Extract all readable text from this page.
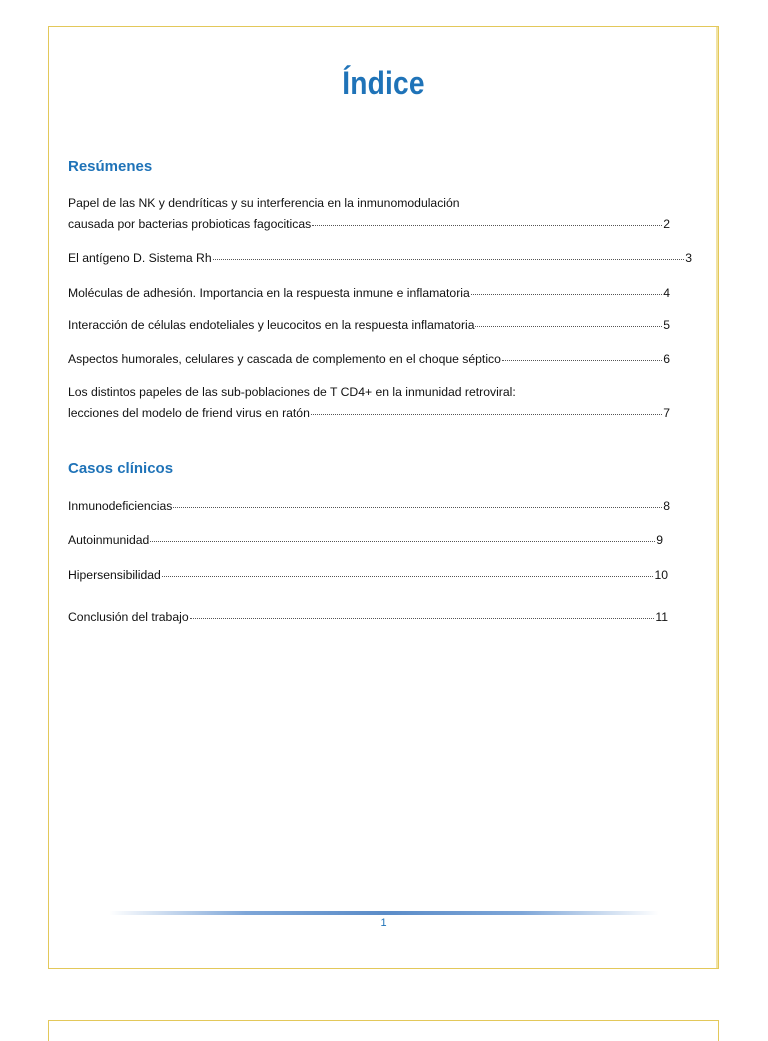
Índice
Resúmenes
Papel de las NK y dendríticas y su interferencia en la inmunomodulación
causada por bacterias probioticas fagociticas	2
El antígeno D. Sistema Rh	3
Moléculas de adhesión. Importancia en la respuesta inmune e inflamatoria	4
Interacción de células endoteliales y leucocitos en la respuesta inflamatoria	5
Aspectos humorales, celulares y cascada de complemento en el choque séptico	6
Los distintos papeles de las sub-poblaciones de T CD4+ en la inmunidad retroviral:
lecciones del modelo de friend virus en ratón	7
Casos clínicos
Inmunodeficiencias	8
Autoinmunidad	9
Hipersensibilidad	10
Conclusión del trabajo	11
1
